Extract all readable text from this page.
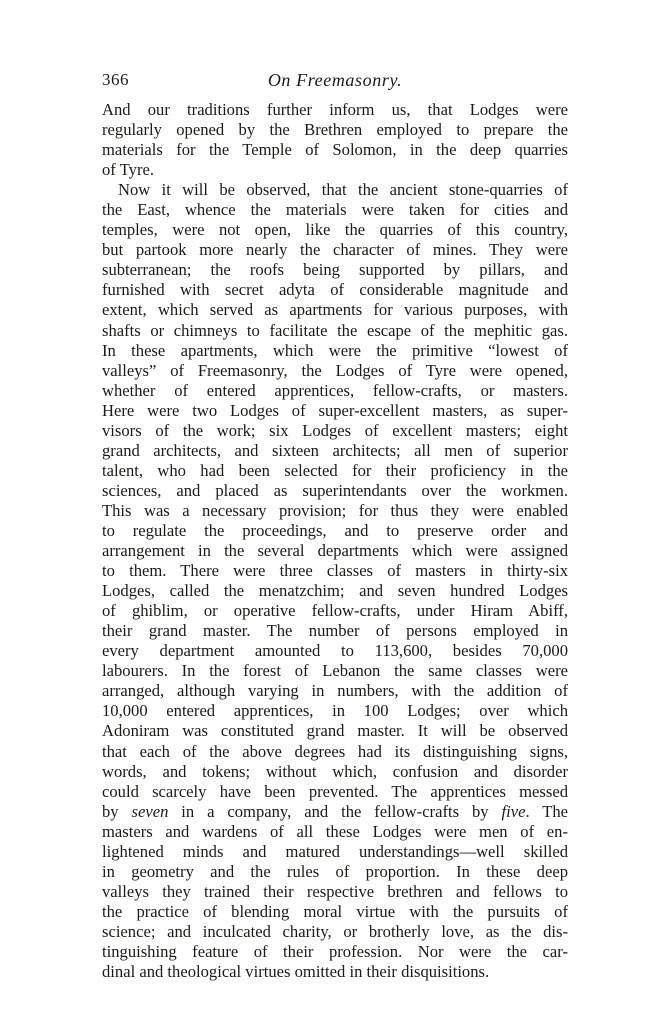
366	On Freemasonry.
And our traditions further inform us, that Lodges were
regularly opened by the Brethren employed to prepare the
materials for the Temple of Solomon, in the deep quarries
of Tyre.
Now it will be observed, that the ancient stone-quarries of
the East, whence the materials were taken for cities and
temples, were not open, like the quarries of this country,
but partook more nearly the character of mines. They were
subterranean; the roofs being supported by pillars, and
furnished with secret adyta of considerable magnitude and
extent, which served as apartments for various purposes, with
shafts or chimneys to facilitate the escape of the mephitic gas.
In these apartments, which were the primitive “lowest of
valleys” of Freemasonry, the Lodges of Tyre were opened,
whether of entered apprentices, fellow-crafts, or masters.
Here were two Lodges of super-excellent masters, as super-
visors of the work; six Lodges of excellent masters; eight
grand architects, and sixteen architects; all men of superior
talent, who had been selected for their proficiency in the
sciences, and placed as superintendants over the workmen.
This was a necessary provision; for thus they were enabled
to regulate the proceedings, and to preserve order and
arrangement in the several departments which were assigned
to them. There were three classes of masters in thirty-six
Lodges, called the menatzchim; and seven hundred Lodges
of ghiblim, or operative fellow-crafts, under Hiram Abiff,
their grand master. The number of persons employed in
every department amounted to 113,600, besides 70,000
labourers. In the forest of Lebanon the same classes were
arranged, although varying in numbers, with the addition of
10,000 entered apprentices, in 100 Lodges; over which
Adoniram was constituted grand master. It will be observed
that each of the above degrees had its distinguishing signs,
words, and tokens; without which, confusion and disorder
could scarcely have been prevented. The apprentices messed
by seven in a company, and the fellow-crafts by five. The
masters and wardens of all these Lodges were men of en-
lightened minds and matured understandings—well skilled
in geometry and the rules of proportion. In these deep
valleys they trained their respective brethren and fellows to
the practice of blending moral virtue with the pursuits of
science; and inculcated charity, or brotherly love, as the dis-
tinguishing feature of their profession. Nor were the car-
dinal and theological virtues omitted in their disquisitions.
